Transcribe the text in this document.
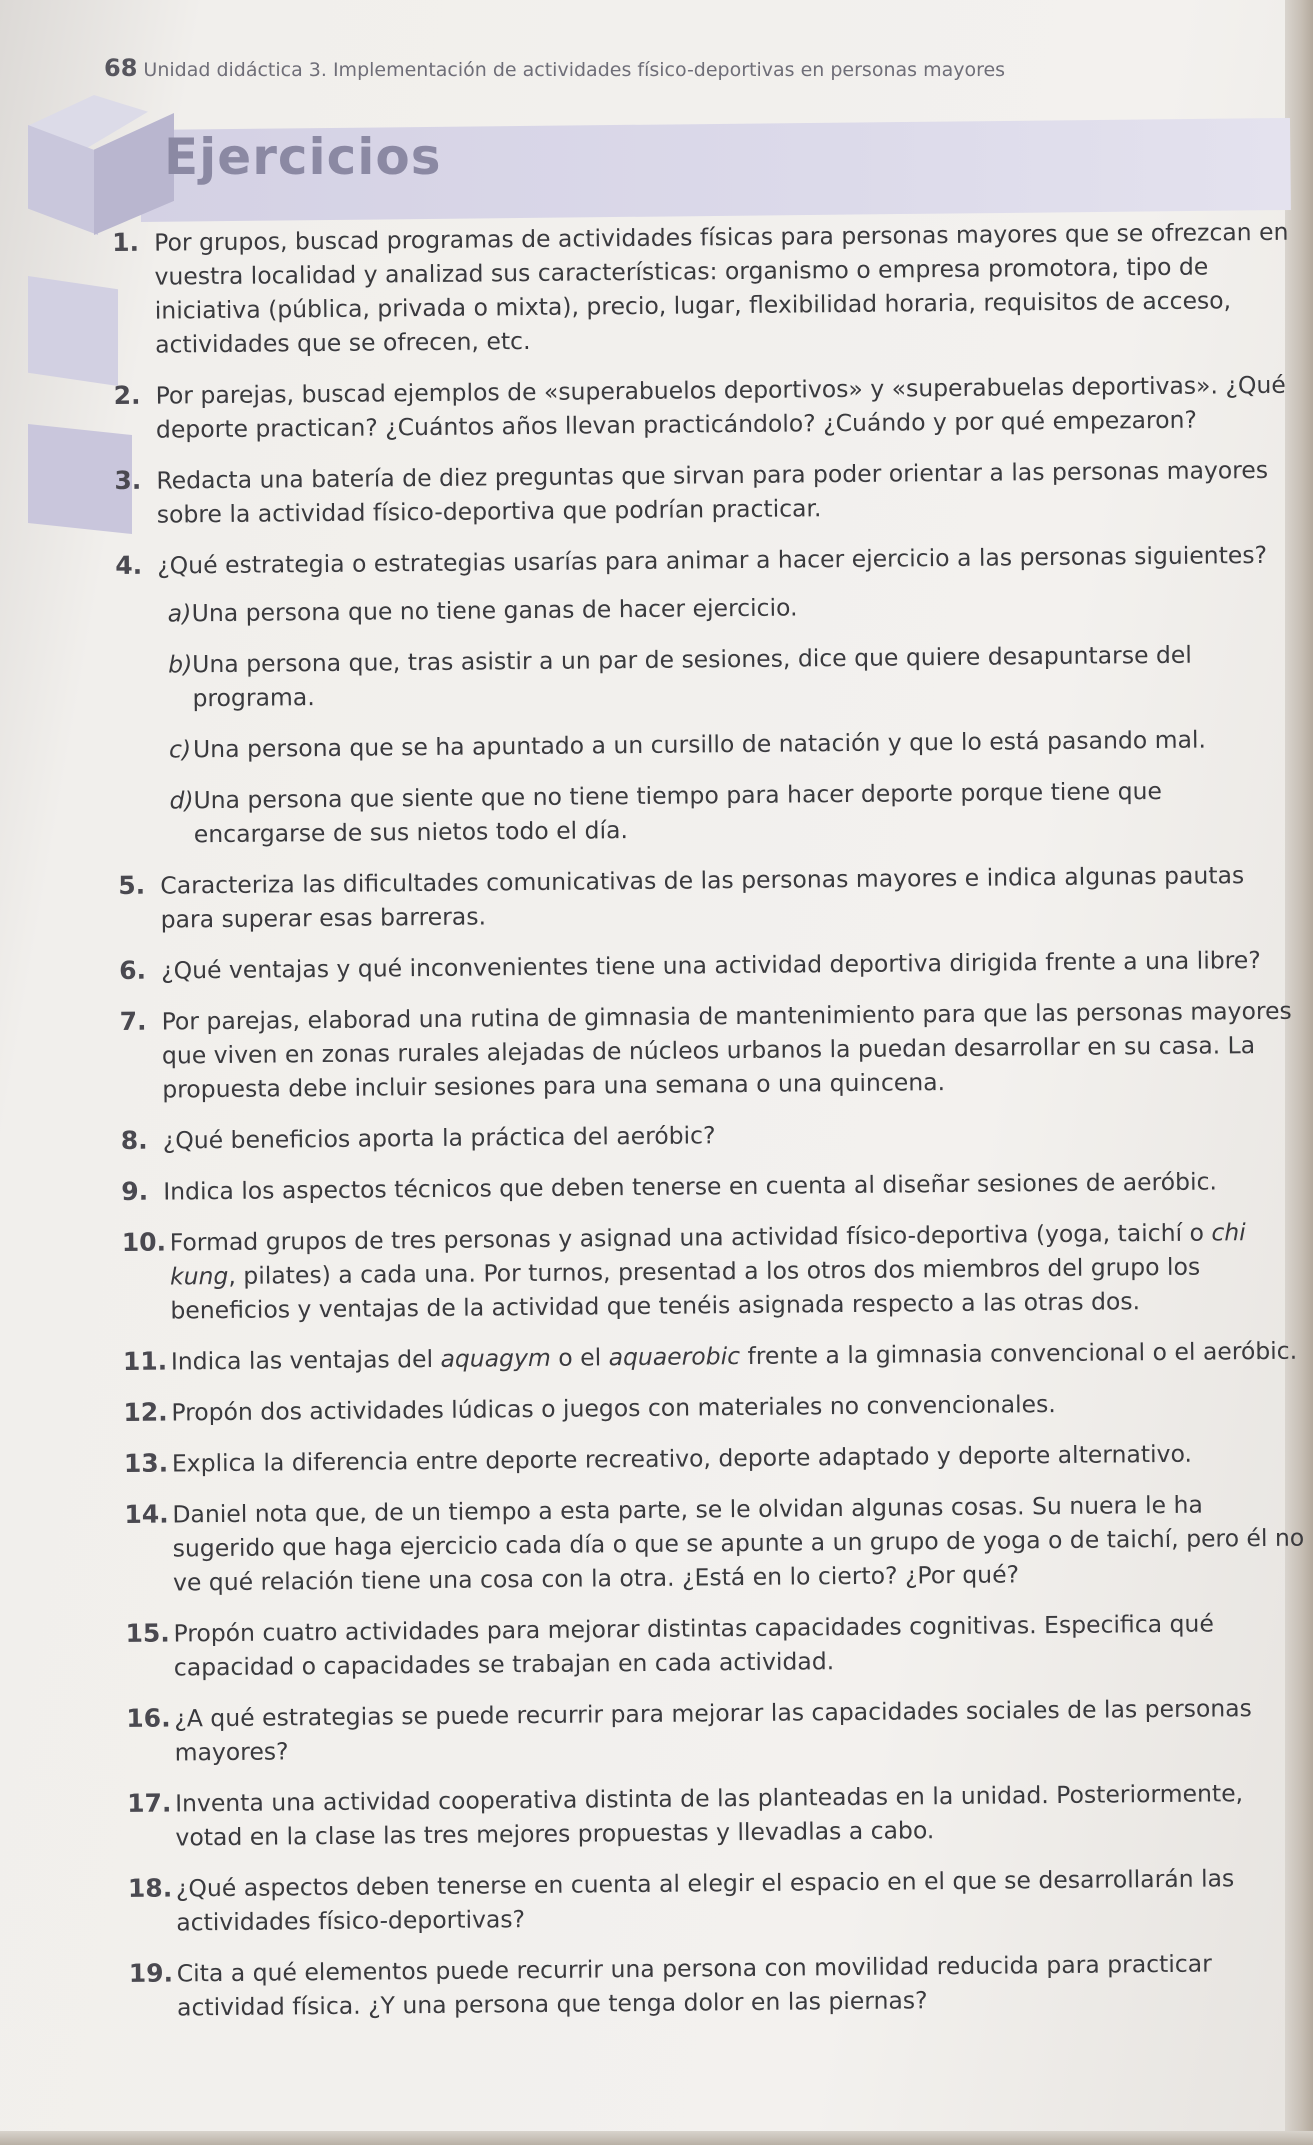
68 Unidad didáctica 3. Implementación de actividades físico-deportivas en personas mayores
Ejercicios
1. Por grupos, buscad programas de actividades físicas para personas mayores que se ofrezcan en vuestra localidad y analizad sus características: organismo o empresa promotora, tipo de iniciativa (pública, privada o mixta), precio, lugar, flexibilidad horaria, requisitos de acceso, actividades que se ofrecen, etc.
2. Por parejas, buscad ejemplos de «superabuelos deportivos» y «superabuelas deportivas». ¿Qué deporte practican? ¿Cuántos años llevan practicándolo? ¿Cuándo y por qué empezaron?
3. Redacta una batería de diez preguntas que sirvan para poder orientar a las personas mayores sobre la actividad físico-deportiva que podrían practicar.
4. ¿Qué estrategia o estrategias usarías para animar a hacer ejercicio a las personas siguientes?
a) Una persona que no tiene ganas de hacer ejercicio.
b) Una persona que, tras asistir a un par de sesiones, dice que quiere desapuntarse del programa.
c) Una persona que se ha apuntado a un cursillo de natación y que lo está pasando mal.
d) Una persona que siente que no tiene tiempo para hacer deporte porque tiene que encargarse de sus nietos todo el día.
5. Caracteriza las dificultades comunicativas de las personas mayores e indica algunas pautas para superar esas barreras.
6. ¿Qué ventajas y qué inconvenientes tiene una actividad deportiva dirigida frente a una libre?
7. Por parejas, elaborad una rutina de gimnasia de mantenimiento para que las personas mayores que viven en zonas rurales alejadas de núcleos urbanos la puedan desarrollar en su casa. La propuesta debe incluir sesiones para una semana o una quincena.
8. ¿Qué beneficios aporta la práctica del aeróbic?
9. Indica los aspectos técnicos que deben tenerse en cuenta al diseñar sesiones de aeróbic.
10. Formad grupos de tres personas y asignad una actividad físico-deportiva (yoga, taichí o chi kung, pilates) a cada una. Por turnos, presentad a los otros dos miembros del grupo los beneficios y ventajas de la actividad que tenéis asignada respecto a las otras dos.
11. Indica las ventajas del aquagym o el aquaerobic frente a la gimnasia convencional o el aeróbic.
12. Propón dos actividades lúdicas o juegos con materiales no convencionales.
13. Explica la diferencia entre deporte recreativo, deporte adaptado y deporte alternativo.
14. Daniel nota que, de un tiempo a esta parte, se le olvidan algunas cosas. Su nuera le ha sugerido que haga ejercicio cada día o que se apunte a un grupo de yoga o de taichí, pero él no ve qué relación tiene una cosa con la otra. ¿Está en lo cierto? ¿Por qué?
15. Propón cuatro actividades para mejorar distintas capacidades cognitivas. Especifica qué capacidad o capacidades se trabajan en cada actividad.
16. ¿A qué estrategias se puede recurrir para mejorar las capacidades sociales de las personas mayores?
17. Inventa una actividad cooperativa distinta de las planteadas en la unidad. Posteriormente, votad en la clase las tres mejores propuestas y llevadlas a cabo.
18. ¿Qué aspectos deben tenerse en cuenta al elegir el espacio en el que se desarrollarán las actividades físico-deportivas?
19. Cita a qué elementos puede recurrir una persona con movilidad reducida para practicar actividad física. ¿Y una persona que tenga dolor en las piernas?
